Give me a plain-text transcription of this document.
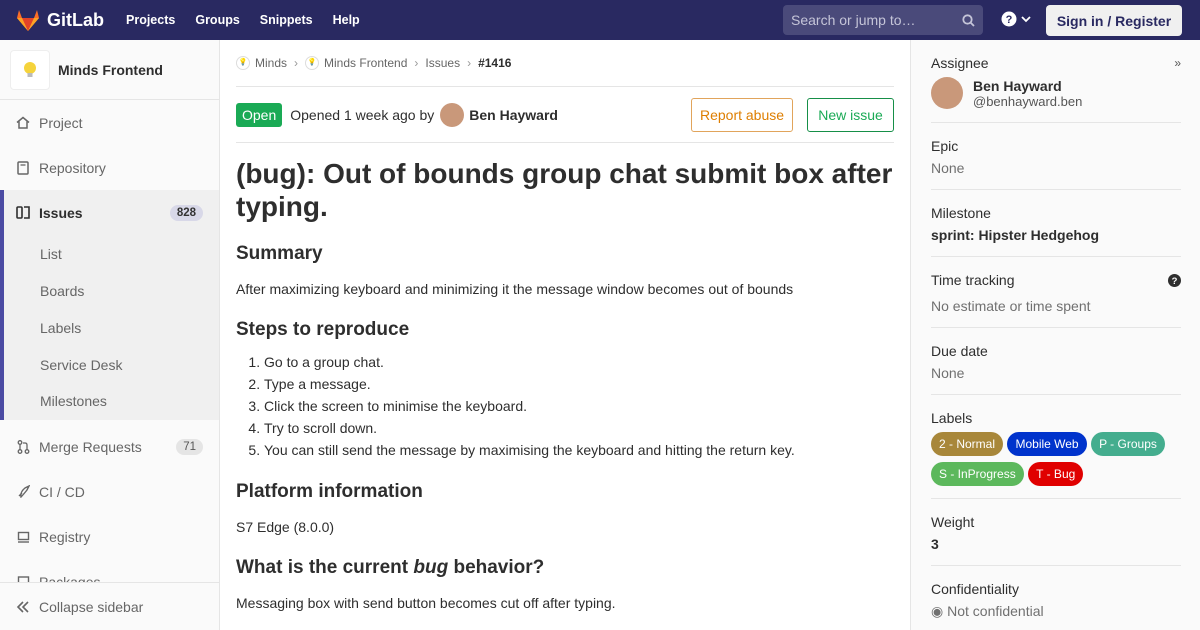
GitLab Projects Groups Snippets Help	Search or jump to…	?	Sign in / Register
Minds Frontend
Project
Repository
Issues	828
List
Boards
Labels
Service Desk
Milestones
Merge Requests	71
CI / CD
Registry
Collapse sidebar
💡 Minds ›	💡 Minds Frontend › Issues › #1416
Open	Opened 1 week ago by	Ben Hayward	Report abuse	New issue
(bug): Out of bounds group chat submit box after typing.
Summary

After maximizing keyboard and minimizing it the message window becomes out of bounds

Steps to reproduce
1. Go to a group chat.
2. Type a message.
3. Click the screen to minimise the keyboard.
4. Try to scroll down.
5. You can still send the message by maximising the keyboard and hitting the return key.
Platform information

S7 Edge (8.0.0)

What is the current bug behavior?

Messaging box with send button becomes cut off after typing.

Assignee	»
Ben Hayward
@benhayward.ben
Epic
None
Milestone
sprint: Hipster Hedgehog
Time tracking	?
No estimate or time spent
Due date
None
Labels
2 - Normal Mobile Web P - Groups S - InProgress T - Bug
Weight
3
Confidentiality
◉ Not confidential
